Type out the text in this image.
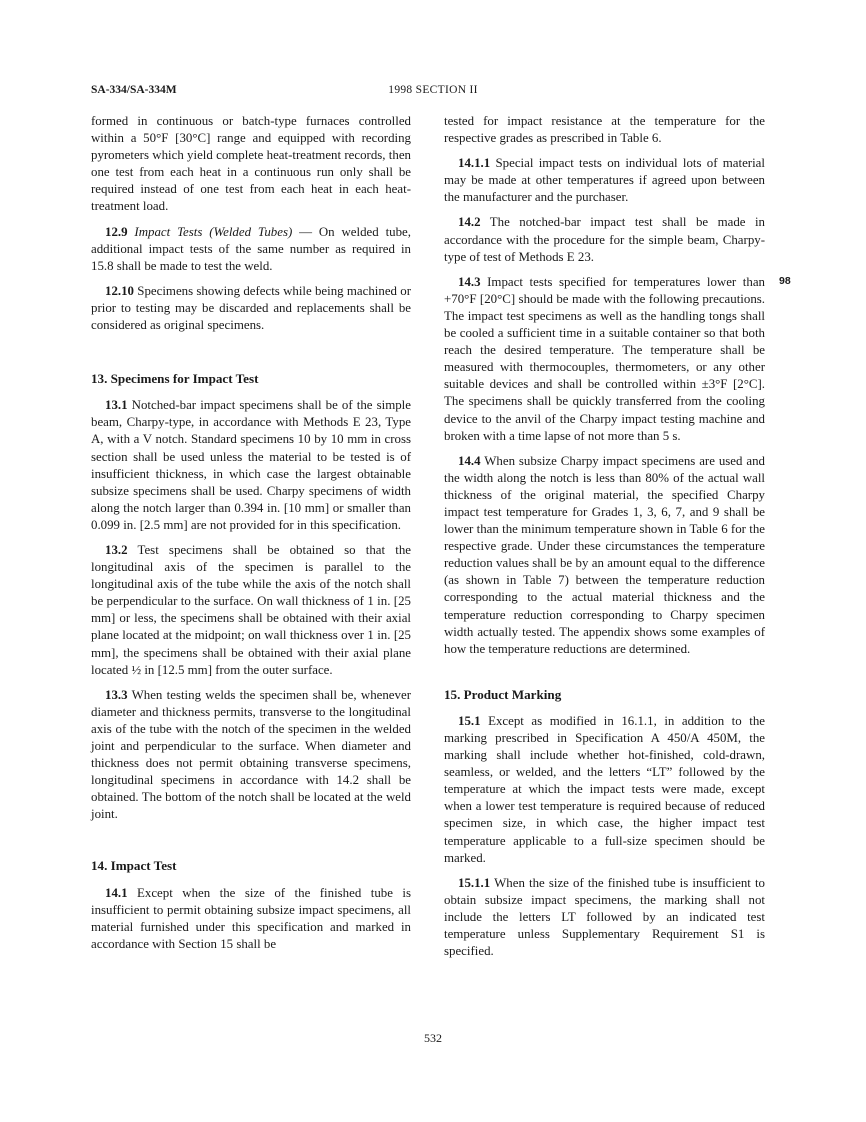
SA-334/SA-334M	1998 SECTION II

formed in continuous or batch-type furnaces controlled within a 50°F [30°C] range and equipped with recording pyrometers which yield complete heat-treatment records, then one test from each heat in a continuous run only shall be required instead of one test from each heat in each heat-treatment load.

12.9 Impact Tests (Welded Tubes) — On welded tube, additional impact tests of the same number as required in 15.8 shall be made to test the weld.

12.10 Specimens showing defects while being machined or prior to testing may be discarded and replacements shall be considered as original specimens.

13. Specimens for Impact Test

13.1 Notched-bar impact specimens shall be of the simple beam, Charpy-type, in accordance with Methods E 23, Type A, with a V notch. Standard specimens 10 by 10 mm in cross section shall be used unless the material to be tested is of insufficient thickness, in which case the largest obtainable subsize specimens shall be used. Charpy specimens of width along the notch larger than 0.394 in. [10 mm] or smaller than 0.099 in. [2.5 mm] are not provided for in this specification.

13.2 Test specimens shall be obtained so that the longitudinal axis of the specimen is parallel to the longitudinal axis of the tube while the axis of the notch shall be perpendicular to the surface. On wall thickness of 1 in. [25 mm] or less, the specimens shall be obtained with their axial plane located at the midpoint; on wall thickness over 1 in. [25 mm], the specimens shall be obtained with their axial plane located ½ in [12.5 mm] from the outer surface.

13.3 When testing welds the specimen shall be, whenever diameter and thickness permits, transverse to the longitudinal axis of the tube with the notch of the specimen in the welded joint and perpendicular to the surface. When diameter and thickness does not permit obtaining transverse specimens, longitudinal specimens in accordance with 14.2 shall be obtained. The bottom of the notch shall be located at the weld joint.

14. Impact Test

14.1 Except when the size of the finished tube is insufficient to permit obtaining subsize impact specimens, all material furnished under this specification and marked in accordance with Section 15 shall be

tested for impact resistance at the temperature for the respective grades as prescribed in Table 6.

14.1.1 Special impact tests on individual lots of material may be made at other temperatures if agreed upon between the manufacturer and the purchaser.

14.2 The notched-bar impact test shall be made in accordance with the procedure for the simple beam, Charpy-type of test of Methods E 23.

14.3 Impact tests specified for temperatures lower than +70°F [20°C] should be made with the following precautions. The impact test specimens as well as the handling tongs shall be cooled a sufficient time in a suitable container so that both reach the desired temperature. The temperature shall be measured with thermocouples, thermometers, or any other suitable devices and shall be controlled within ±3°F [2°C]. The specimens shall be quickly transferred from the cooling device to the anvil of the Charpy impact testing machine and broken with a time lapse of not more than 5 s.

14.4 When subsize Charpy impact specimens are used and the width along the notch is less than 80% of the actual wall thickness of the original material, the specified Charpy impact test temperature for Grades 1, 3, 6, 7, and 9 shall be lower than the minimum temperature shown in Table 6 for the respective grade. Under these circumstances the temperature reduction values shall be by an amount equal to the difference (as shown in Table 7) between the temperature reduction corresponding to the actual material thickness and the temperature reduction corresponding to Charpy specimen width actually tested. The appendix shows some examples of how the temperature reductions are determined.

15. Product Marking

15.1 Except as modified in 16.1.1, in addition to the marking prescribed in Specification A 450/A 450M, the marking shall include whether hot-finished, cold-drawn, seamless, or welded, and the letters “LT” followed by the temperature at which the impact tests were made, except when a lower test temperature is required because of reduced specimen size, in which case, the higher impact test temperature applicable to a full-size specimen should be marked.

15.1.1 When the size of the finished tube is insufficient to obtain subsize impact specimens, the marking shall not include the letters LT followed by an indicated test temperature unless Supplementary Requirement S1 is specified.

98
532
